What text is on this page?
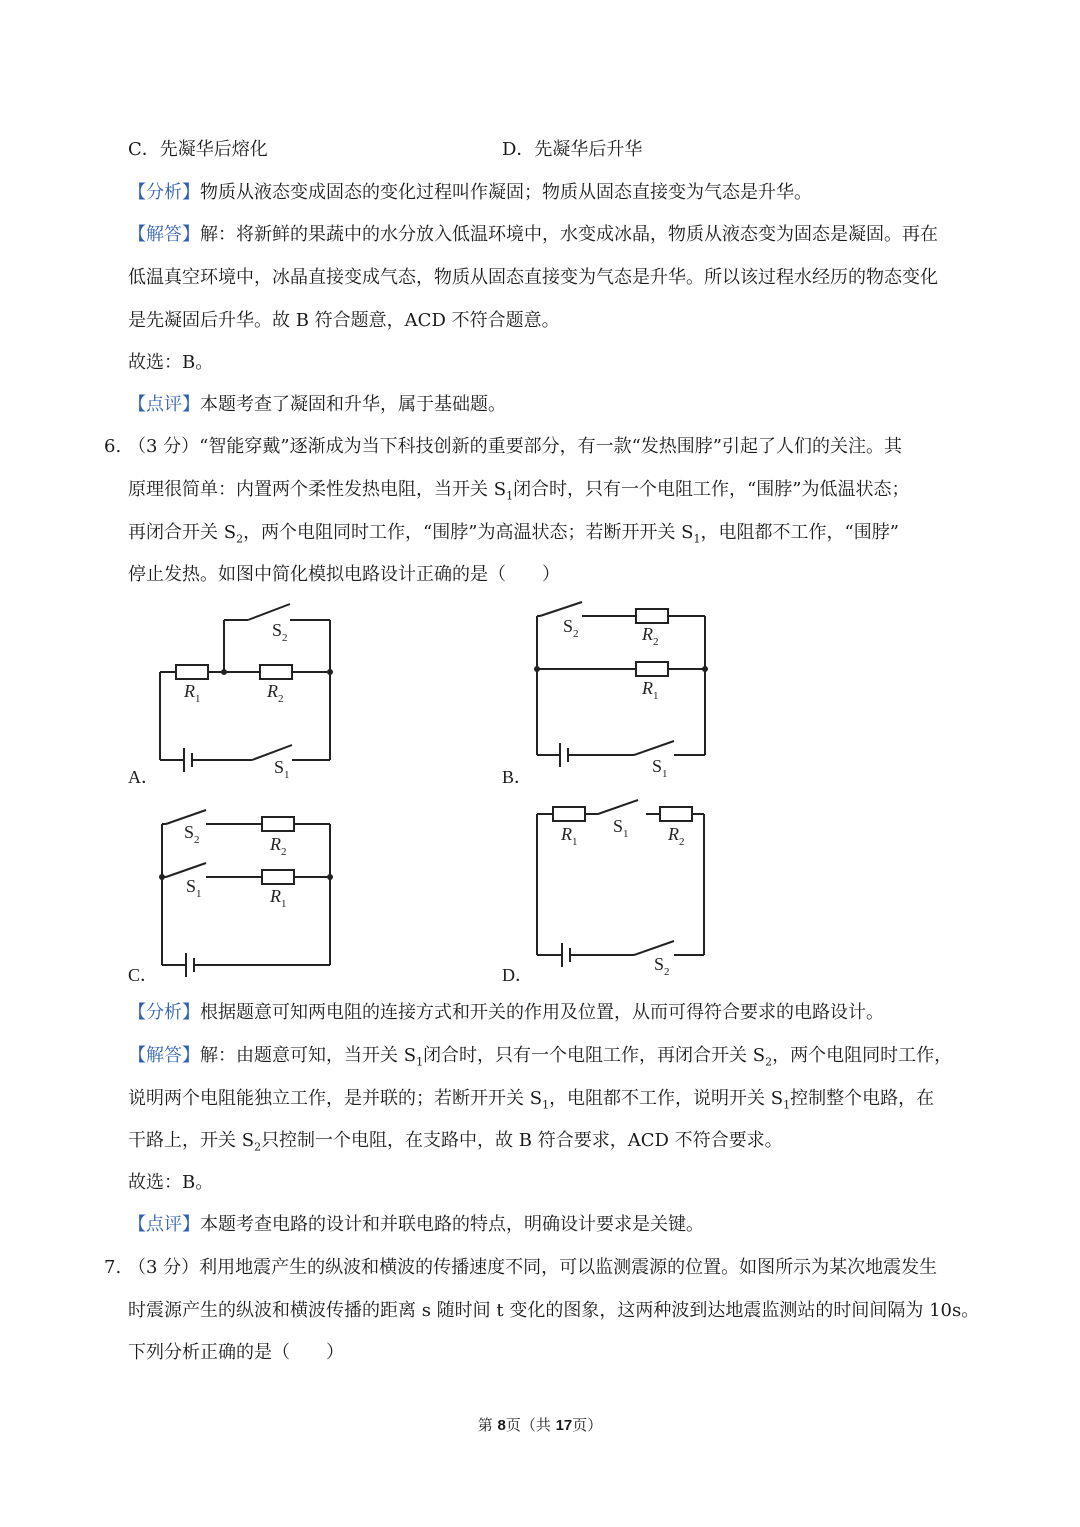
C．先凝华后熔化	D．先凝华后升华
【分析】物质从液态变成固态的变化过程叫作凝固；物质从固态直接变为气态是升华。
【解答】解：将新鲜的果蔬中的水分放入低温环境中，水变成冰晶，物质从液态变为固态是凝固。再在
低温真空环境中，冰晶直接变成气态，物质从固态直接变为气态是升华。所以该过程水经历的物态变化
是先凝固后升华。故 B 符合题意，ACD 不符合题意。
故选：B。
【点评】本题考查了凝固和升华，属于基础题。
6. （3 分）“智能穿戴”逐渐成为当下科技创新的重要部分，有一款“发热围脖”引起了人们的关注。其
原理很简单：内置两个柔性发热电阻，当开关 $S_1$闭合时，只有一个电阻工作，“围脖”为低温状态；
再闭合开关 $S_2$，两个电阻同时工作，“围脖”为高温状态；若断开开关 $S_1$，电阻都不工作，“围脖”
停止发热。如图中简化模拟电路设计正确的是（　　）
A．	B．
C．	D．
$S_2$
$R_1$	$R_2$
$S_1$
$S_2$	$R_2$
$R_1$
$S_1$
$S_2$	$R_2$
$S_1$	$R_1$
$R_1$
$S_1$ $R_2$
$S_2$
【分析】根据题意可知两电阻的连接方式和开关的作用及位置，从而可得符合要求的电路设计。
【解答】解：由题意可知，当开关 $S_1$闭合时，只有一个电阻工作，再闭合开关 $S_2$，两个电阻同时工作，
说明两个电阻能独立工作，是并联的；若断开开关 $S_1$，电阻都不工作，说明开关 $S_1$控制整个电路，在
干路上，开关 $S_2$只控制一个电阻，在支路中，故 B 符合要求，ACD 不符合要求。
故选：B。
【点评】本题考查电路的设计和并联电路的特点，明确设计要求是关键。
7. （3 分）利用地震产生的纵波和横波的传播速度不同，可以监测震源的位置。如图所示为某次地震发生
时震源产生的纵波和横波传播的距离 s 随时间 t 变化的图象，这两种波到达地震监测站的时间间隔为 10s。
下列分析正确的是（　　）
第 8页（共 17页）
